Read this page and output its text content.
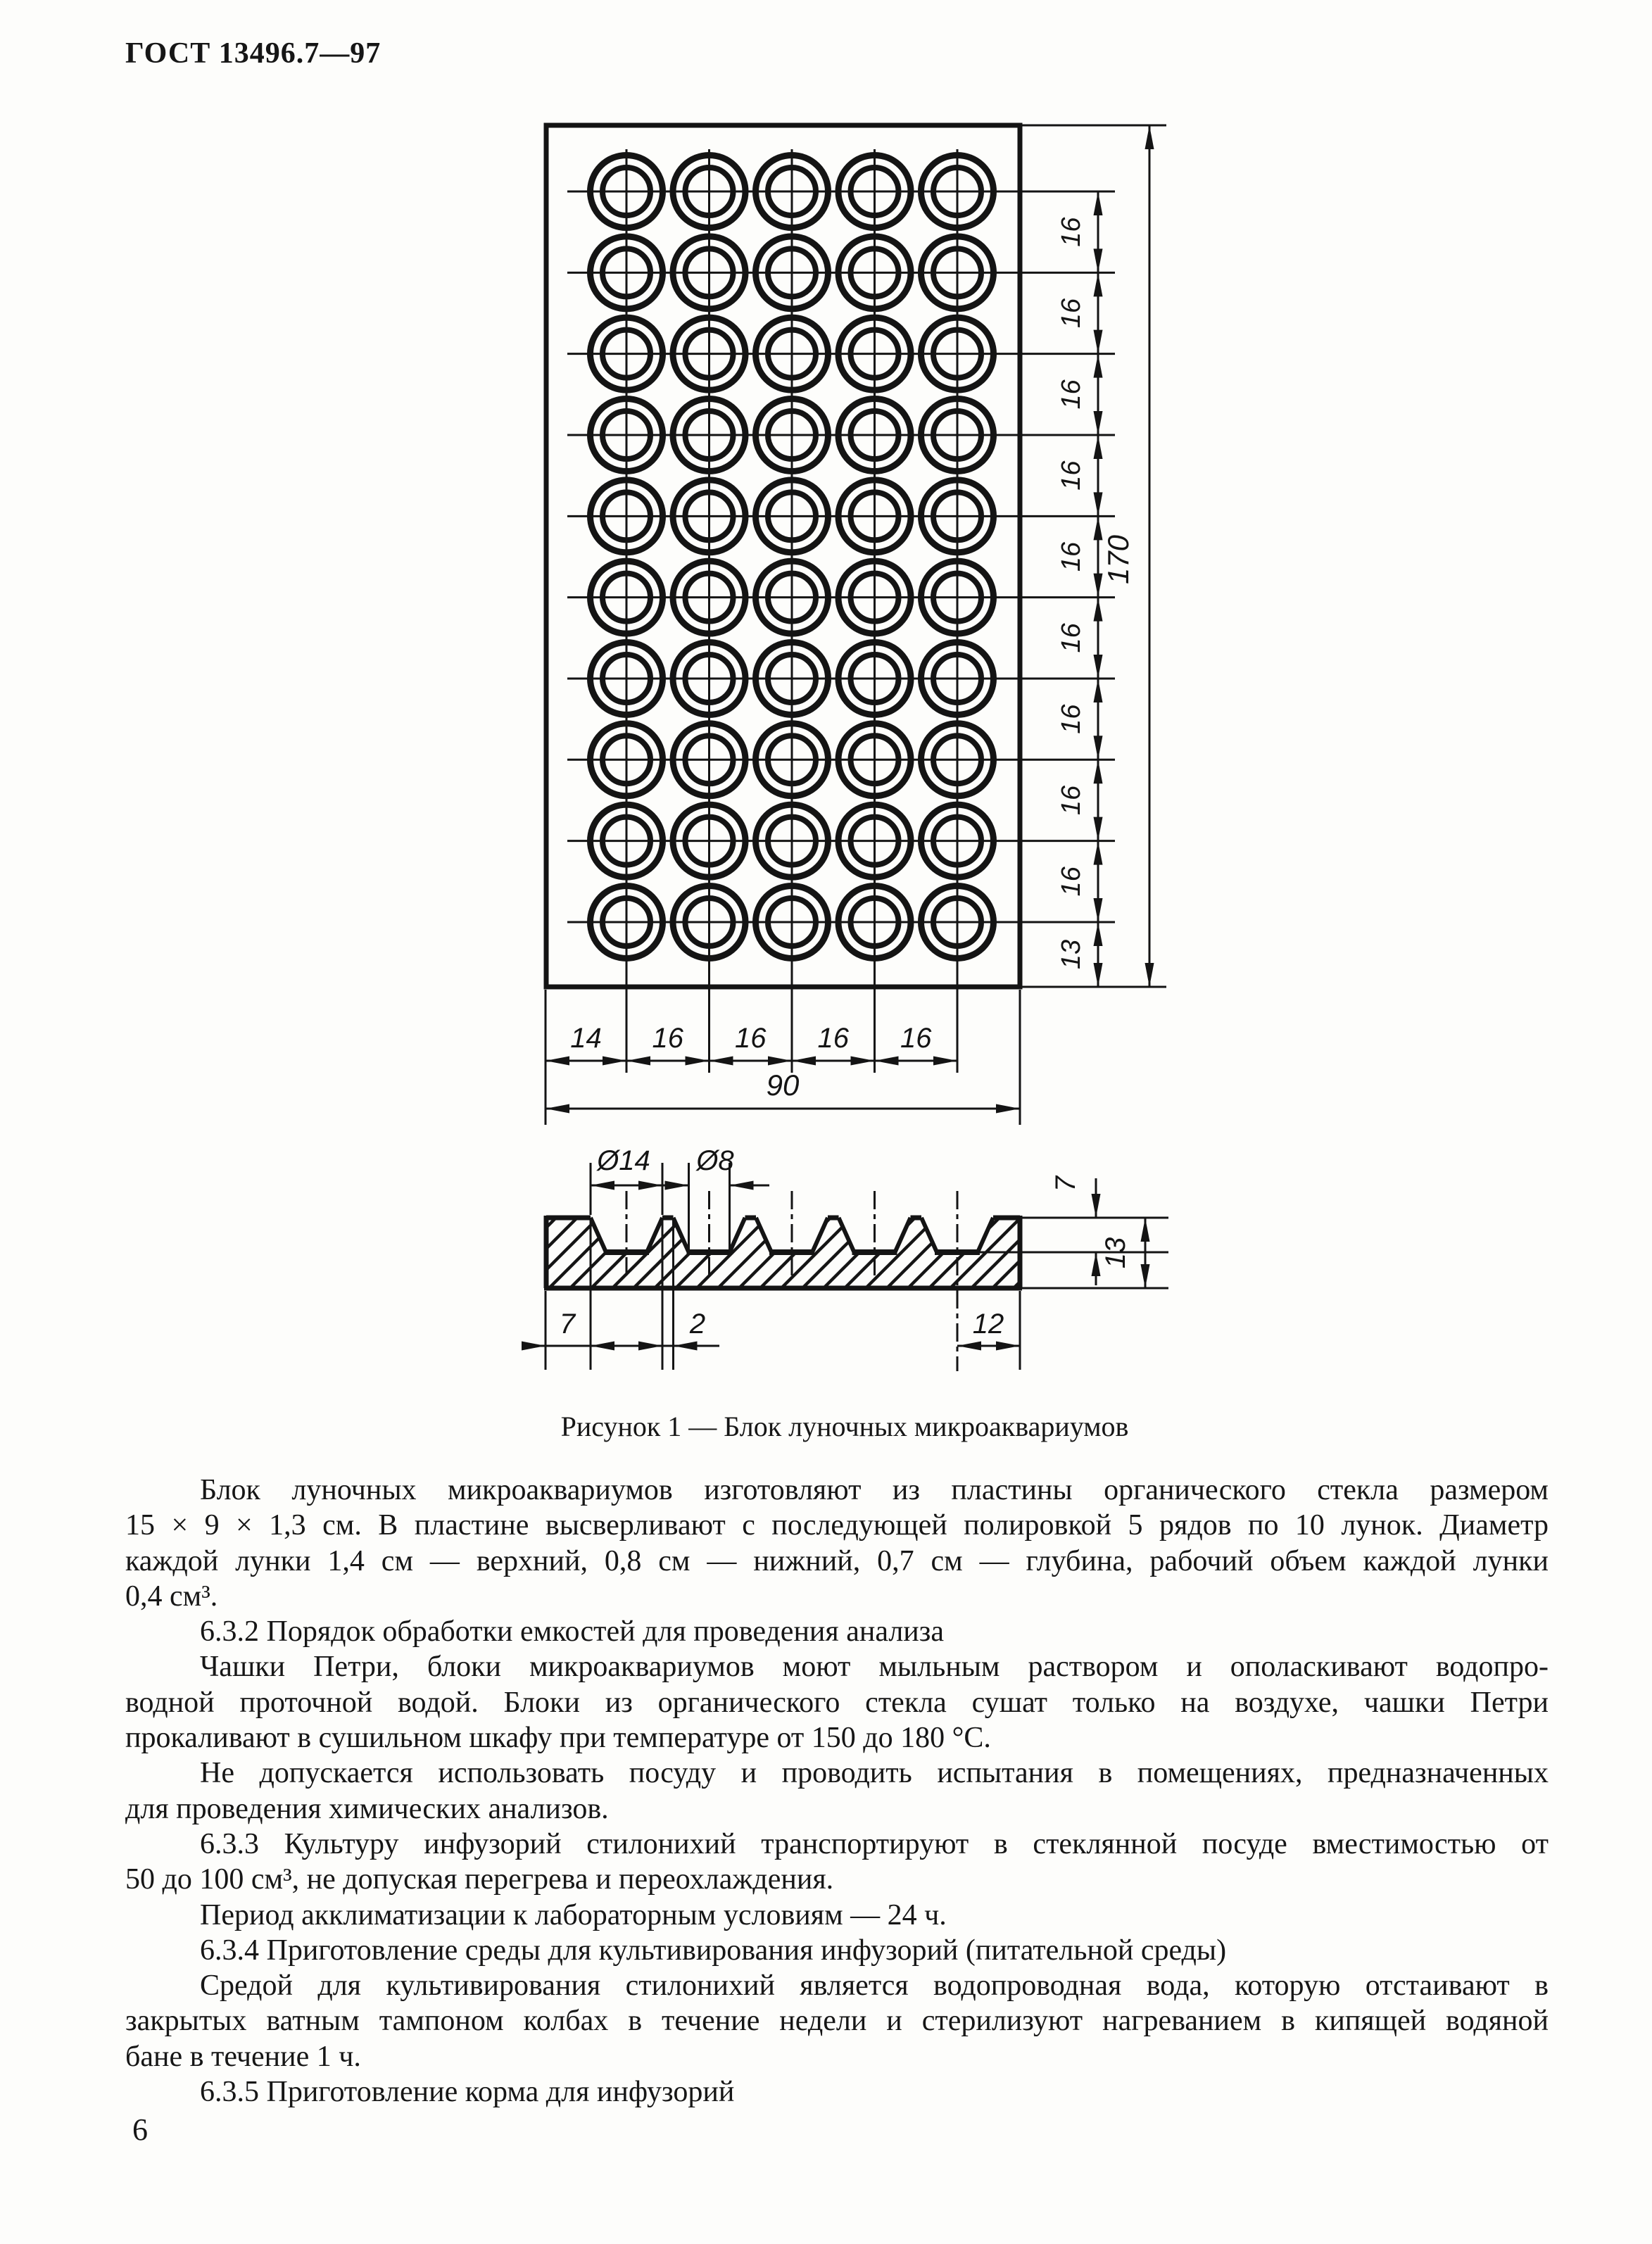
ГОСТ 13496.7—97
16
16
16
16
16
16
16
16
16
13
170
14 16 16 16 16
90
Ø14 Ø8
7
13
7	2	12
Рисунок 1 — Блок луночных микроаквариумов
Блок луночных микроаквариумов изготовляют из пластины органического стекла размером
15 × 9 × 1,3 см. В пластине высверливают с последующей полировкой 5 рядов по 10 лунок. Диаметр
каждой лунки 1,4 см — верхний, 0,8 см — нижний, 0,7 см — глубина, рабочий объем каждой лунки
0,4 см³.
6.3.2 Порядок обработки емкостей для проведения анализа
Чашки Петри, блоки микроаквариумов моют мыльным раствором и ополаскивают водопро-
водной проточной водой. Блоки из органического стекла сушат только на воздухе, чашки Петри
прокаливают в сушильном шкафу при температуре от 150 до 180 °С.
Не допускается использовать посуду и проводить испытания в помещениях, предназначенных
для проведения химических анализов.
6.3.3 Культуру инфузорий стилонихий транспортируют в стеклянной посуде вместимостью от
50 до 100 см³, не допуская перегрева и переохлаждения.
Период акклиматизации к лабораторным условиям — 24 ч.
6.3.4 Приготовление среды для культивирования инфузорий (питательной среды)
Средой для культивирования стилонихий является водопроводная вода, которую отстаивают в
закрытых ватным тампоном колбах в течение недели и стерилизуют нагреванием в кипящей водяной
бане в течение 1 ч.
6.3.5 Приготовление корма для инфузорий
6
